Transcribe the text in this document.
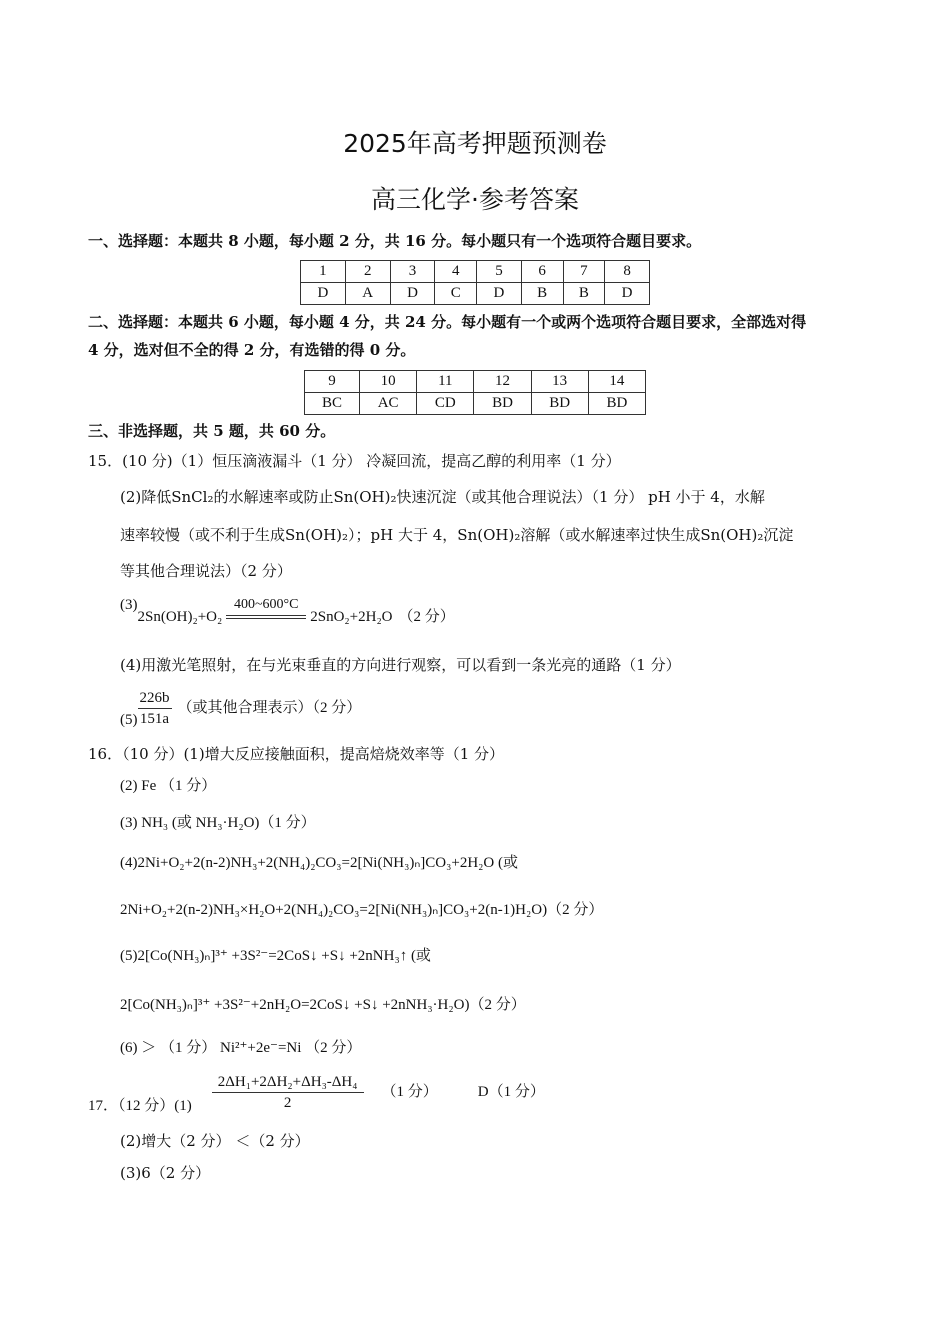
2025年高考押题预测卷
高三化学·参考答案
一、选择题：本题共 8 小题，每小题 2 分，共 16 分。每小题只有一个选项符合题目要求。
1	2	3	4	5	6	7	8
D	A	D	C	D	B	B	D
二、选择题：本题共 6 小题，每小题 4 分，共 24 分。每小题有一个或两个选项符合题目要求，全部选对得
4 分，选对但不全的得 2 分，有选错的得 0 分。
9	10	11	12	13	14
BC	AC	CD	BD	BD	BD
三、非选择题，共 5 题，共 60 分。
15．(10 分)（1）恒压滴液漏斗（1 分） 冷凝回流，提高乙醇的利用率（1 分）
(2)降低SnCl₂的水解速率或防止Sn(OH)₂快速沉淀（或其他合理说法）（1 分） pH 小于 4，水解
速率较慢（或不利于生成Sn(OH)₂）；pH 大于 4，Sn(OH)₂溶解（或水解速率过快生成Sn(OH)₂沉淀
等其他合理说法）（2 分）
(3)2Sn(OH)₂+O₂
400~600°C
2SnO₂+2H₂O （2 分）
(4)用激光笔照射，在与光束垂直的方向进行观察，可以看到一条光亮的通路（1 分）
$(5) \frac{226b}{151a}$ （或其他合理表示）（2 分）
16．（10 分）(1)增大反应接触面积，提高焙烧效率等（1 分）
(2) Fe （1 分）
(3) NH₃ (或 NH₃·H₂O)（1 分）
(4)2Ni+O₂+2(n-2)NH₃+2(NH₄)₂CO₃=2[Ni(NH₃)ₙ]CO₃+2H₂O (或
2Ni+O₂+2(n-2)NH₃×H₂O+2(NH₄)₂CO₃=2[Ni(NH₃)ₙ]CO₃+2(n-1)H₂O)（2 分）
(5)2[Co(NH₃)ₙ]³⁺ +3S²⁻=2CoS↓ +S↓ +2nNH₃↑ (或
2[Co(NH₃)ₙ]³⁺ +3S²⁻+2nH₂O=2CoS↓ +S↓ +2nNH₃·H₂O)（2 分）
(6) ＞ （1 分） Ni²⁺+2e⁻=Ni （2 分）
17．（12 分）$(1) \frac{\text{2ΔH₁+2ΔH₂+ΔH₃-ΔH₄}}{2} (1$ 分）	D（1 分）
(2)增大（2 分） ＜（2 分）
(3)6（2 分）
